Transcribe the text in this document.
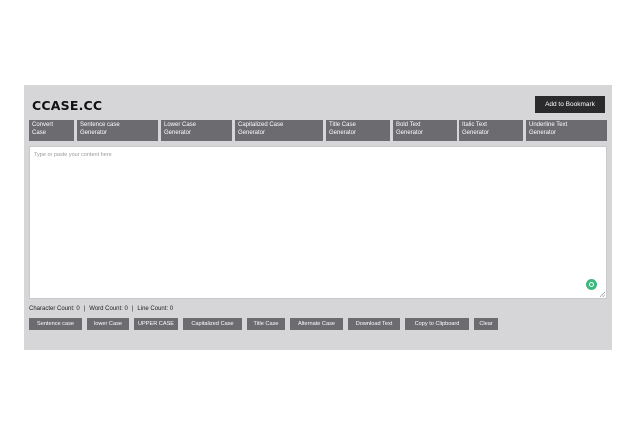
CCASE.CC	Add to Bookmark
Convert
Case
Sentence case
Generator
Lower Case
Generator
Capitalized Case
Generator
Title Case
Generator
Bold Text
Generator
Italic Text
Generator
Underline Text
Generator
Type or paste your content here
Character Count: 0 | Word Count: 0 | Line Count: 0
Sentence case	lower Case	UPPER CASE	Capitalized Case	Title Case	Alternate Case	Download Text	Copy to Clipboard	Clear
